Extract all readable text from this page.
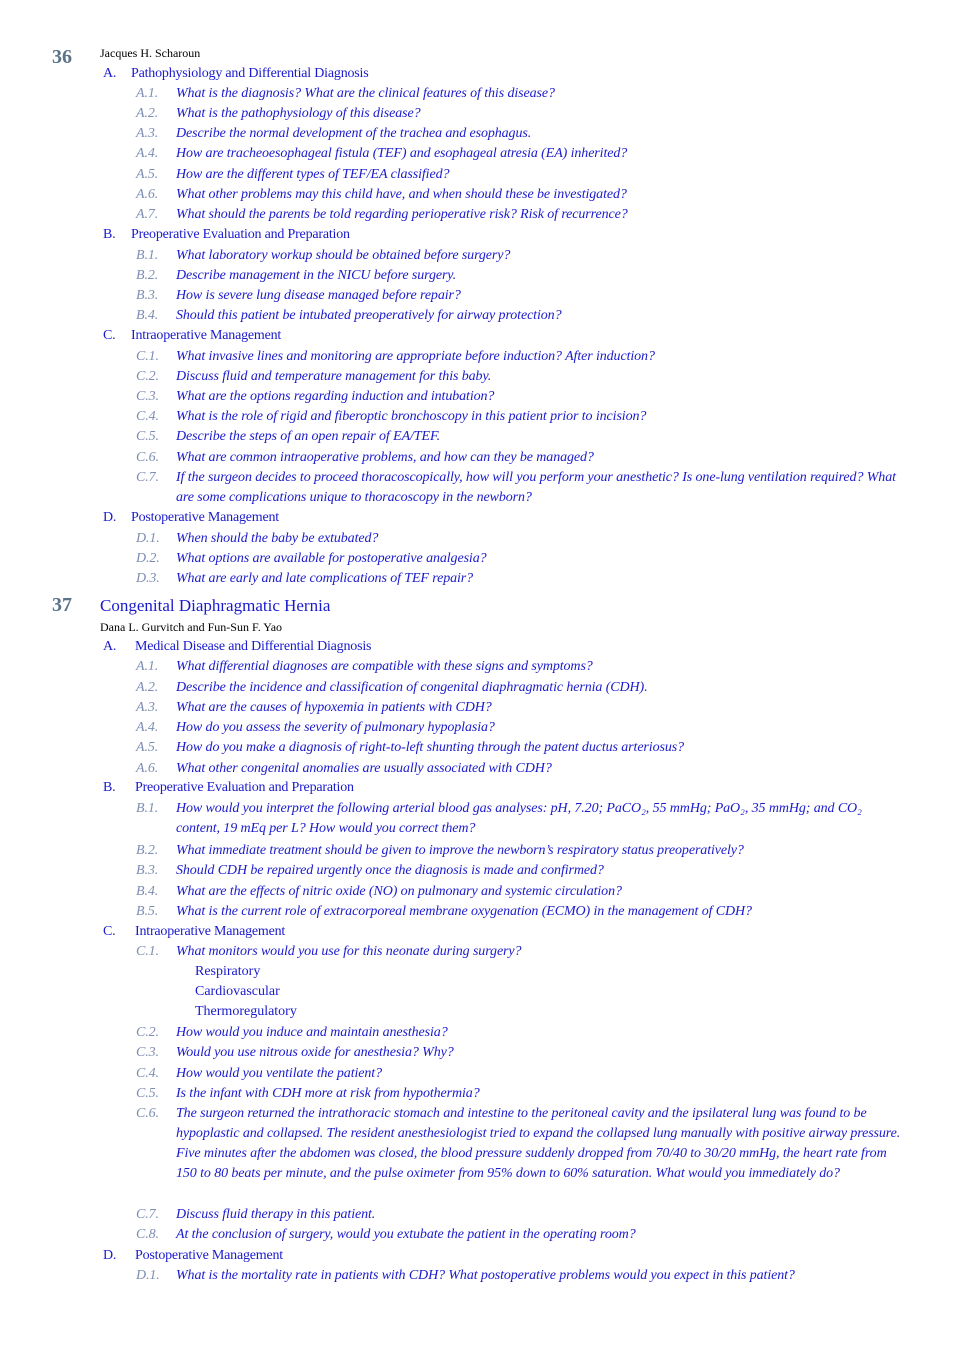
36 Jacques H. Scharoun
A. Pathophysiology and Differential Diagnosis
A.1.	What is the diagnosis? What are the clinical features of this disease?
A.2.	What is the pathophysiology of this disease?
A.3.	Describe the normal development of the trachea and esophagus.
A.4.	How are tracheoesophageal fistula (TEF) and esophageal atresia (EA) inherited?
A.5.	How are the different types of TEF/EA classified?
A.6.	What other problems may this child have, and when should these be investigated?
A.7.	What should the parents be told regarding perioperative risk? Risk of recurrence?
B. Preoperative Evaluation and Preparation
B.1.	What laboratory workup should be obtained before surgery?
B.2.	Describe management in the NICU before surgery.
B.3.	How is severe lung disease managed before repair?
B.4.	Should this patient be intubated preoperatively for airway protection?
C. Intraoperative Management
C.1.	What invasive lines and monitoring are appropriate before induction? After induction?
C.2.	Discuss fluid and temperature management for this baby.
C.3.	What are the options regarding induction and intubation?
C.4.	What is the role of rigid and fiberoptic bronchoscopy in this patient prior to incision?
C.5.	Describe the steps of an open repair of EA/TEF.
C.6.	What are common intraoperative problems, and how can they be managed?
C.7.	If the surgeon decides to proceed thoracoscopically, how will you perform your anesthetic? Is one-lung ventilation required? What are some complications unique to thoracoscopy in the newborn?
D. Postoperative Management
D.1.	When should the baby be extubated?
D.2.	What options are available for postoperative analgesia?
D.3.	What are early and late complications of TEF repair?
37 Congenital Diaphragmatic Hernia
Dana L. Gurvitch and Fun-Sun F. Yao
A. Medical Disease and Differential Diagnosis
A.1.	What differential diagnoses are compatible with these signs and symptoms?
A.2.	Describe the incidence and classification of congenital diaphragmatic hernia (CDH).
A.3.	What are the causes of hypoxemia in patients with CDH?
A.4.	How do you assess the severity of pulmonary hypoplasia?
A.5.	How do you make a diagnosis of right-to-left shunting through the patent ductus arteriosus?
A.6.	What other congenital anomalies are usually associated with CDH?
B. Preoperative Evaluation and Preparation
B.1.	How would you interpret the following arterial blood gas analyses: pH, 7.20; PaCO₂, 55 mmHg; PaO₂, 35 mmHg; and CO₂ content, 19 mEq per L? How would you correct them?
B.2.	What immediate treatment should be given to improve the newborn’s respiratory status preoperatively?
B.3.	Should CDH be repaired urgently once the diagnosis is made and confirmed?
B.4.	What are the effects of nitric oxide (NO) on pulmonary and systemic circulation?
B.5.	What is the current role of extracorporeal membrane oxygenation (ECMO) in the management of CDH?
C. Intraoperative Management
C.1.	What monitors would you use for this neonate during surgery?
Respiratory
Cardiovascular
Thermoregulatory
C.2.	How would you induce and maintain anesthesia?
C.3.	Would you use nitrous oxide for anesthesia? Why?
C.4.	How would you ventilate the patient?
C.5.	Is the infant with CDH more at risk from hypothermia?
C.6.	The surgeon returned the intrathoracic stomach and intestine to the peritoneal cavity and the ipsilateral lung was found to be hypoplastic and collapsed. The resident anesthesiologist tried to expand the collapsed lung manually with positive airway pressure. Five minutes after the abdomen was closed, the blood pressure suddenly dropped from 70/40 to 30/20 mmHg, the heart rate from 150 to 80 beats per minute, and the pulse oximeter from 95% down to 60% saturation. What would you immediately do?
C.7.	Discuss fluid therapy in this patient.
C.8.	At the conclusion of surgery, would you extubate the patient in the operating room?
D. Postoperative Management
D.1.	What is the mortality rate in patients with CDH? What postoperative problems would you expect in this patient?
